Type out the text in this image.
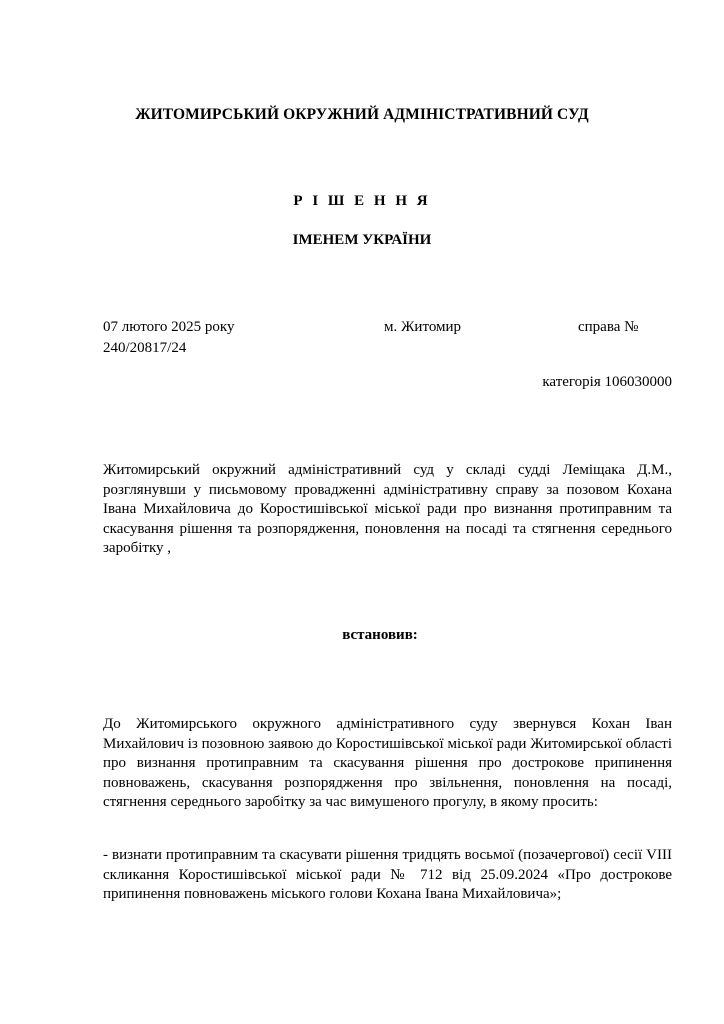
ЖИТОМИРСЬКИЙ ОКРУЖНИЙ АДМІНІСТРАТИВНИЙ СУД
Р І Ш Е Н Н Я
ІМЕНЕМ УКРАЇНИ
07 лютого 2025 року	м. Житомир	справа №
240/20817/24
категорія 106030000
Житомирський окружний адміністративний суд у складі судді Леміщака Д.М., розглянувши у письмовому провадженні адміністративну справу за позовом Кохана Івана Михайловича до Коростишівської міської ради про визнання протиправним та скасування рішення та розпорядження, поновлення на посаді та стягнення середнього заробітку ,
встановив:
До Житомирського окружного адміністративного суду звернувся Кохан Іван Михайлович із позовною заявою до Коростишівської міської ради Житомирської області про визнання протиправним та скасування рішення про дострокове припинення повноважень, скасування розпорядження про звільнення, поновлення на посаді, стягнення середнього заробітку за час вимушеного прогулу, в якому просить:
- визнати протиправним та скасувати рішення тридцять восьмої (позачергової) сесії VIII скликання Коростишівської міської ради № 712 від 25.09.2024 «Про дострокове припинення повноважень міського голови Кохана Івана Михайловича»;
